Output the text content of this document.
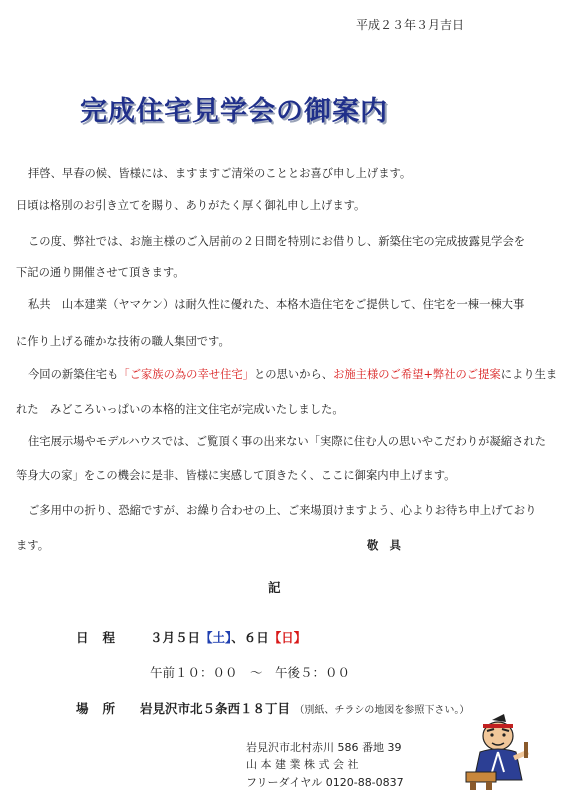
平成２３年３月吉日
完成住宅見学会の御案内
拝啓、早春の候、皆様には、ますますご清栄のこととお喜び申し上げます。
日頃は格別のお引き立てを賜り、ありがたく厚く御礼申し上げます。
この度、弊社では、お施主様のご入居前の２日間を特別にお借りし、新築住宅の完成披露見学会を
下記の通り開催させて頂きます。
私共　山本建業（ヤマケン）は耐久性に優れた、本格木造住宅をご提供して、住宅を一棟一棟大事
に作り上げる確かな技術の職人集団です。
今回の新築住宅も「ご家族の為の幸せ住宅」との思いから、お施主様のご希望+弊社のご提案により生ま
れた　みどころいっぱいの本格的注文住宅が完成いたしました。
住宅展示場やモデルハウスでは、ご覧頂く事の出来ない「実際に住む人の思いやこだわりが凝縮された
等身大の家」をこの機会に是非、皆様に実感して頂きたく、ここに御案内申上げます。
ご多用中の折り、恐縮ですが、お繰り合わせの上、ご来場頂けますよう、心よりお待ち申上げており
ます。	敬　具
記
日程 ３月５日【土】、６日【日】
午前１０：００　～　午後５：００
場所 岩見沢市北５条西１８丁目 （別紙、チラシの地図を参照下さい。）
岩見沢市北村赤川 586 番地 39
山 本 建 業 株 式 会 社
フリーダイヤル 0120-88-0837
